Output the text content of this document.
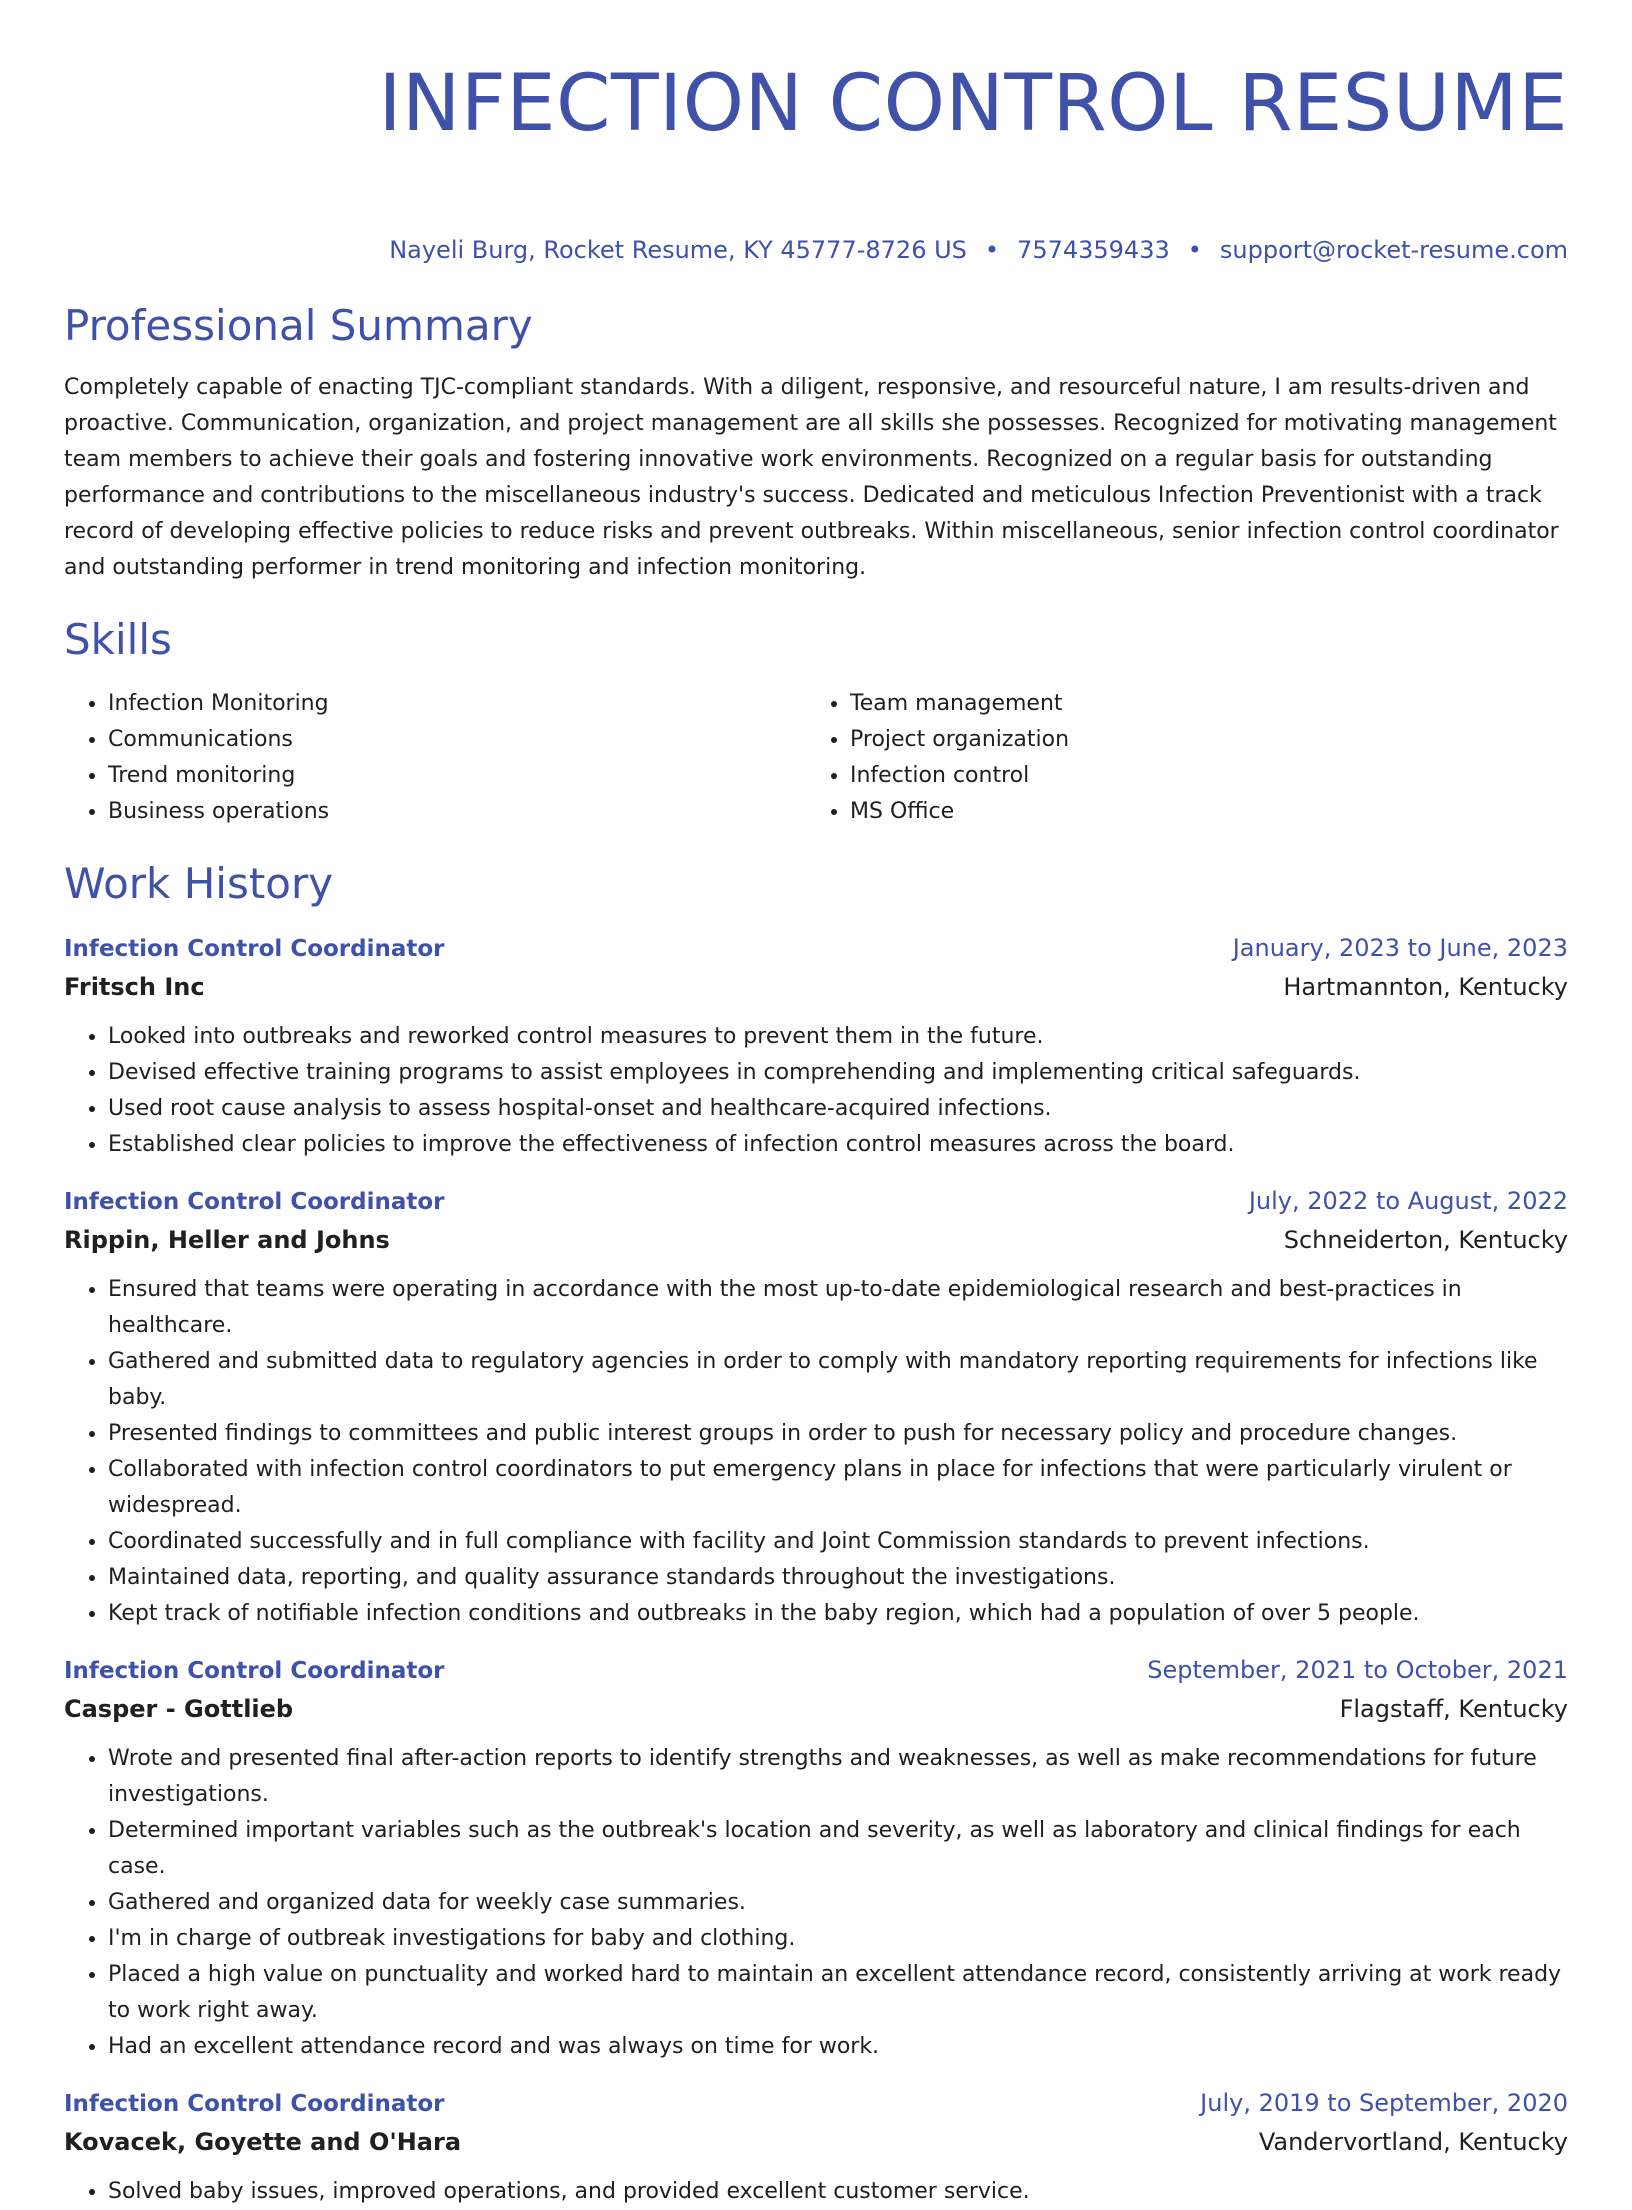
INFECTION CONTROL RESUME
Nayeli Burg, Rocket Resume, KY 45777-8726 US • 7574359433 • support@rocket-resume.com
Professional Summary

Completely capable of enacting TJC-compliant standards. With a diligent, responsive, and resourceful nature, I am results-driven and proactive. Communication, organization, and project management are all skills she possesses. Recognized for motivating management team members to achieve their goals and fostering innovative work environments. Recognized on a regular basis for outstanding performance and contributions to the miscellaneous industry's success. Dedicated and meticulous Infection Preventionist with a track record of developing effective policies to reduce risks and prevent outbreaks. Within miscellaneous, senior infection control coordinator and outstanding performer in trend monitoring and infection monitoring.

Skills
• Infection Monitoring
• Communications
• Trend monitoring
• Business operations
• Team management
• Project organization
• Infection control
• MS Office
Work History
Infection Control Coordinator	January, 2023 to June, 2023
Fritsch Inc	Hartmannton, Kentucky
• Looked into outbreaks and reworked control measures to prevent them in the future.
• Devised effective training programs to assist employees in comprehending and implementing critical safeguards.
• Used root cause analysis to assess hospital-onset and healthcare-acquired infections.
• Established clear policies to improve the effectiveness of infection control measures across the board.
Infection Control Coordinator	July, 2022 to August, 2022
Rippin, Heller and Johns	Schneiderton, Kentucky
• Ensured that teams were operating in accordance with the most up-to-date epidemiological research and best-practices in healthcare.
• Gathered and submitted data to regulatory agencies in order to comply with mandatory reporting requirements for infections like baby.
• Presented findings to committees and public interest groups in order to push for necessary policy and procedure changes.
• Collaborated with infection control coordinators to put emergency plans in place for infections that were particularly virulent or widespread.
• Coordinated successfully and in full compliance with facility and Joint Commission standards to prevent infections.
• Maintained data, reporting, and quality assurance standards throughout the investigations.
• Kept track of notifiable infection conditions and outbreaks in the baby region, which had a population of over 5 people.
Infection Control Coordinator	September, 2021 to October, 2021
Casper - Gottlieb	Flagstaff, Kentucky
• Wrote and presented final after-action reports to identify strengths and weaknesses, as well as make recommendations for future investigations.
• Determined important variables such as the outbreak's location and severity, as well as laboratory and clinical findings for each case.
• Gathered and organized data for weekly case summaries.
• I'm in charge of outbreak investigations for baby and clothing.
• Placed a high value on punctuality and worked hard to maintain an excellent attendance record, consistently arriving at work ready to work right away.
• Had an excellent attendance record and was always on time for work.
Infection Control Coordinator	July, 2019 to September, 2020
Kovacek, Goyette and O'Hara	Vandervortland, Kentucky
• Solved baby issues, improved operations, and provided excellent customer service.
